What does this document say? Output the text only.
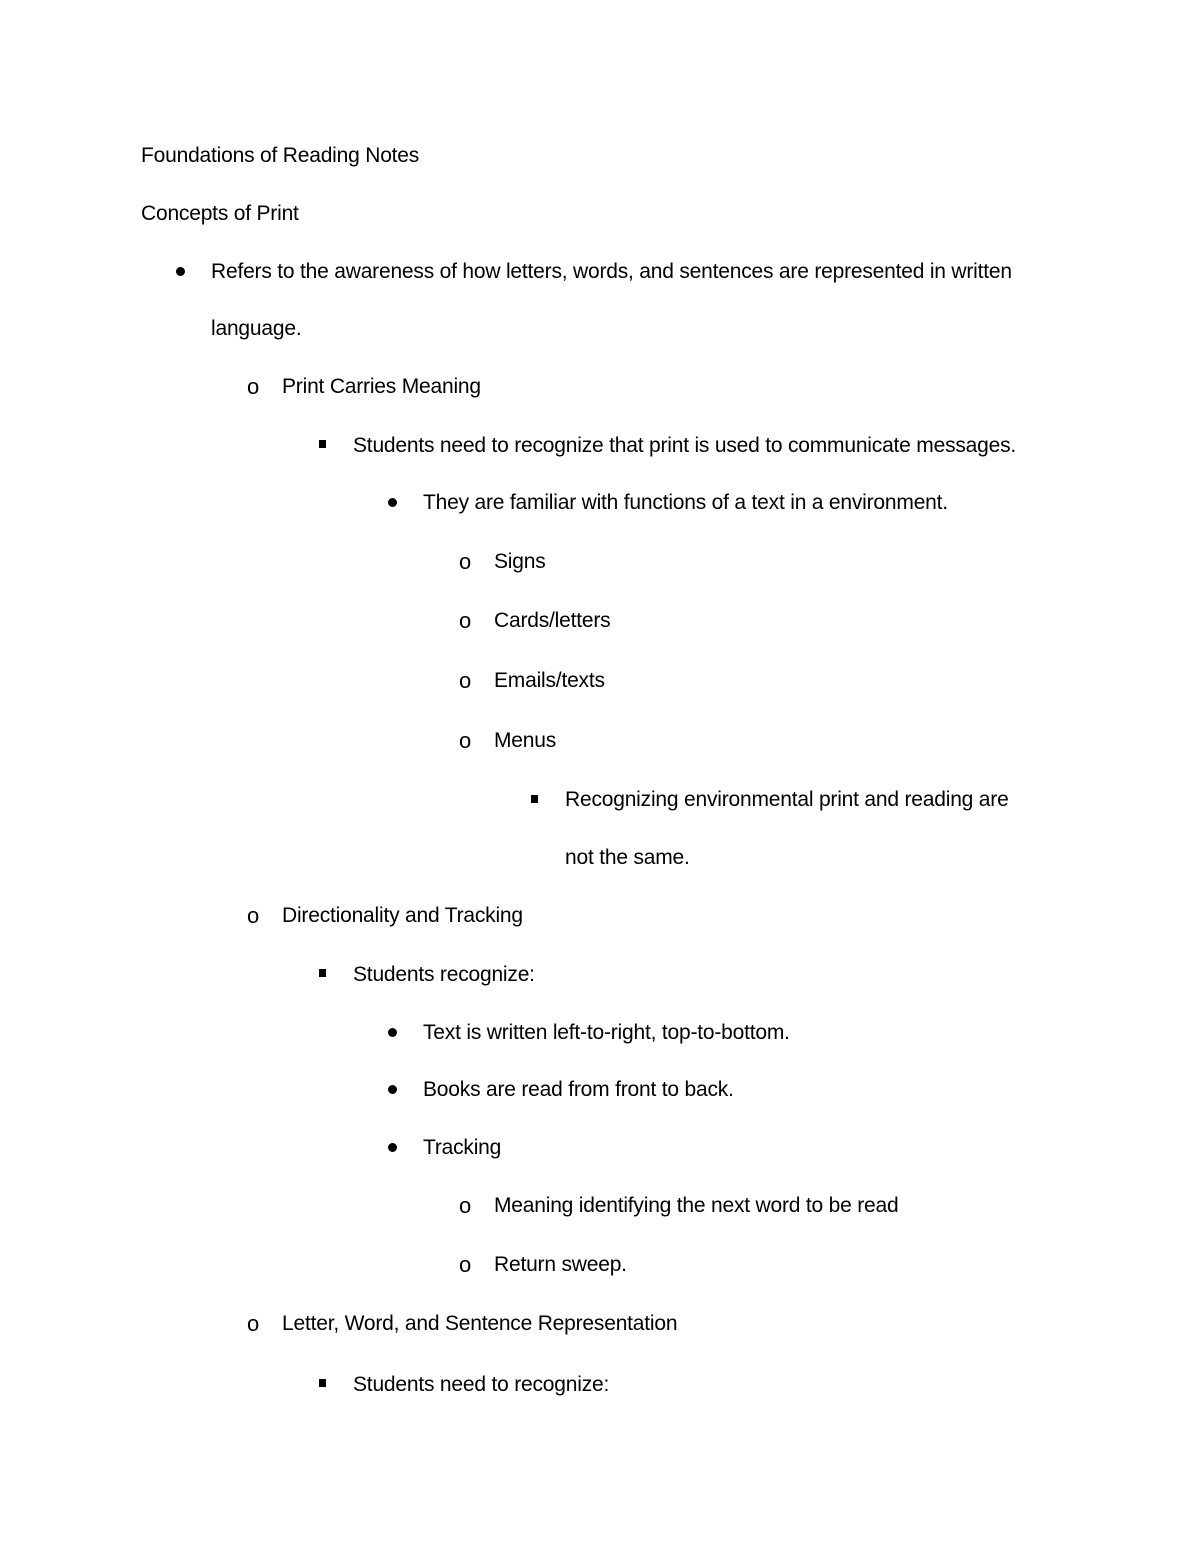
Foundations of Reading Notes
Concepts of Print
Refers to the awareness of how letters, words, and sentences are represented in written
language.
o Print Carries Meaning
Students need to recognize that print is used to communicate messages.
They are familiar with functions of a text in a environment.
o Signs
o Cards/letters
o Emails/texts
o Menus
Recognizing environmental print and reading are
not the same.
o Directionality and Tracking
Students recognize:
Text is written left-to-right, top-to-bottom.
Books are read from front to back.
Tracking
o Meaning identifying the next word to be read
o Return sweep.
o Letter, Word, and Sentence Representation
Students need to recognize:
